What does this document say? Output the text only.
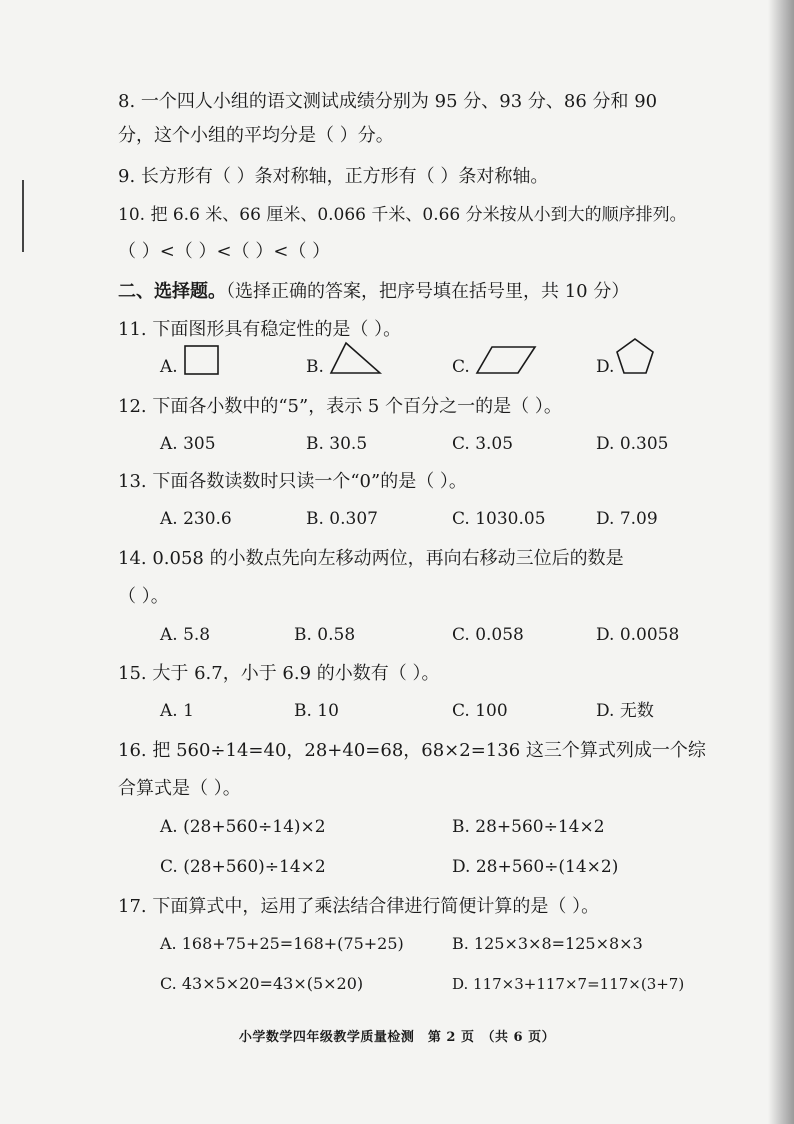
8. 一个四人小组的语文测试成绩分别为 95 分、93 分、86 分和 90
分，这个小组的平均分是（ ）分。
9. 长方形有（ ）条对称轴，正方形有（ ）条对称轴。
10. 把 6.6 米、66 厘米、0.066 千米、0.66 分米按从小到大的顺序排列。
（ ）<（ ）<（ ）<（ ）
二、选择题。（选择正确的答案，把序号填在括号里，共 10 分）
11. 下面图形具有稳定性的是（ ）。
A.	B.	C.	D.
12. 下面各小数中的“5”，表示 5 个百分之一的是（ ）。
A. 305	B. 30.5	C. 3.05	D. 0.305
13. 下面各数读数时只读一个“0”的是（ ）。
A. 230.6	B. 0.307	C. 1030.05	D. 7.09
14. 0.058 的小数点先向左移动两位，再向右移动三位后的数是
（ ）。
A. 5.8	B. 0.58	C. 0.058	D. 0.0058
15. 大于 6.7，小于 6.9 的小数有（ ）。
A. 1	B. 10	C. 100	D. 无数
16. 把 560÷14=40，28+40=68，68×2=136 这三个算式列成一个综
合算式是（ ）。
A. (28+560÷14)×2	B. 28+560÷14×2
C. (28+560)÷14×2	D. 28+560÷(14×2)
17. 下面算式中，运用了乘法结合律进行简便计算的是（ ）。
A. 168+75+25=168+(75+25)	B. 125×3×8=125×8×3
C. 43×5×20=43×(5×20)	D. 117×3+117×7=117×(3+7)
小学数学四年级教学质量检测　第 2 页　（共 6 页）
